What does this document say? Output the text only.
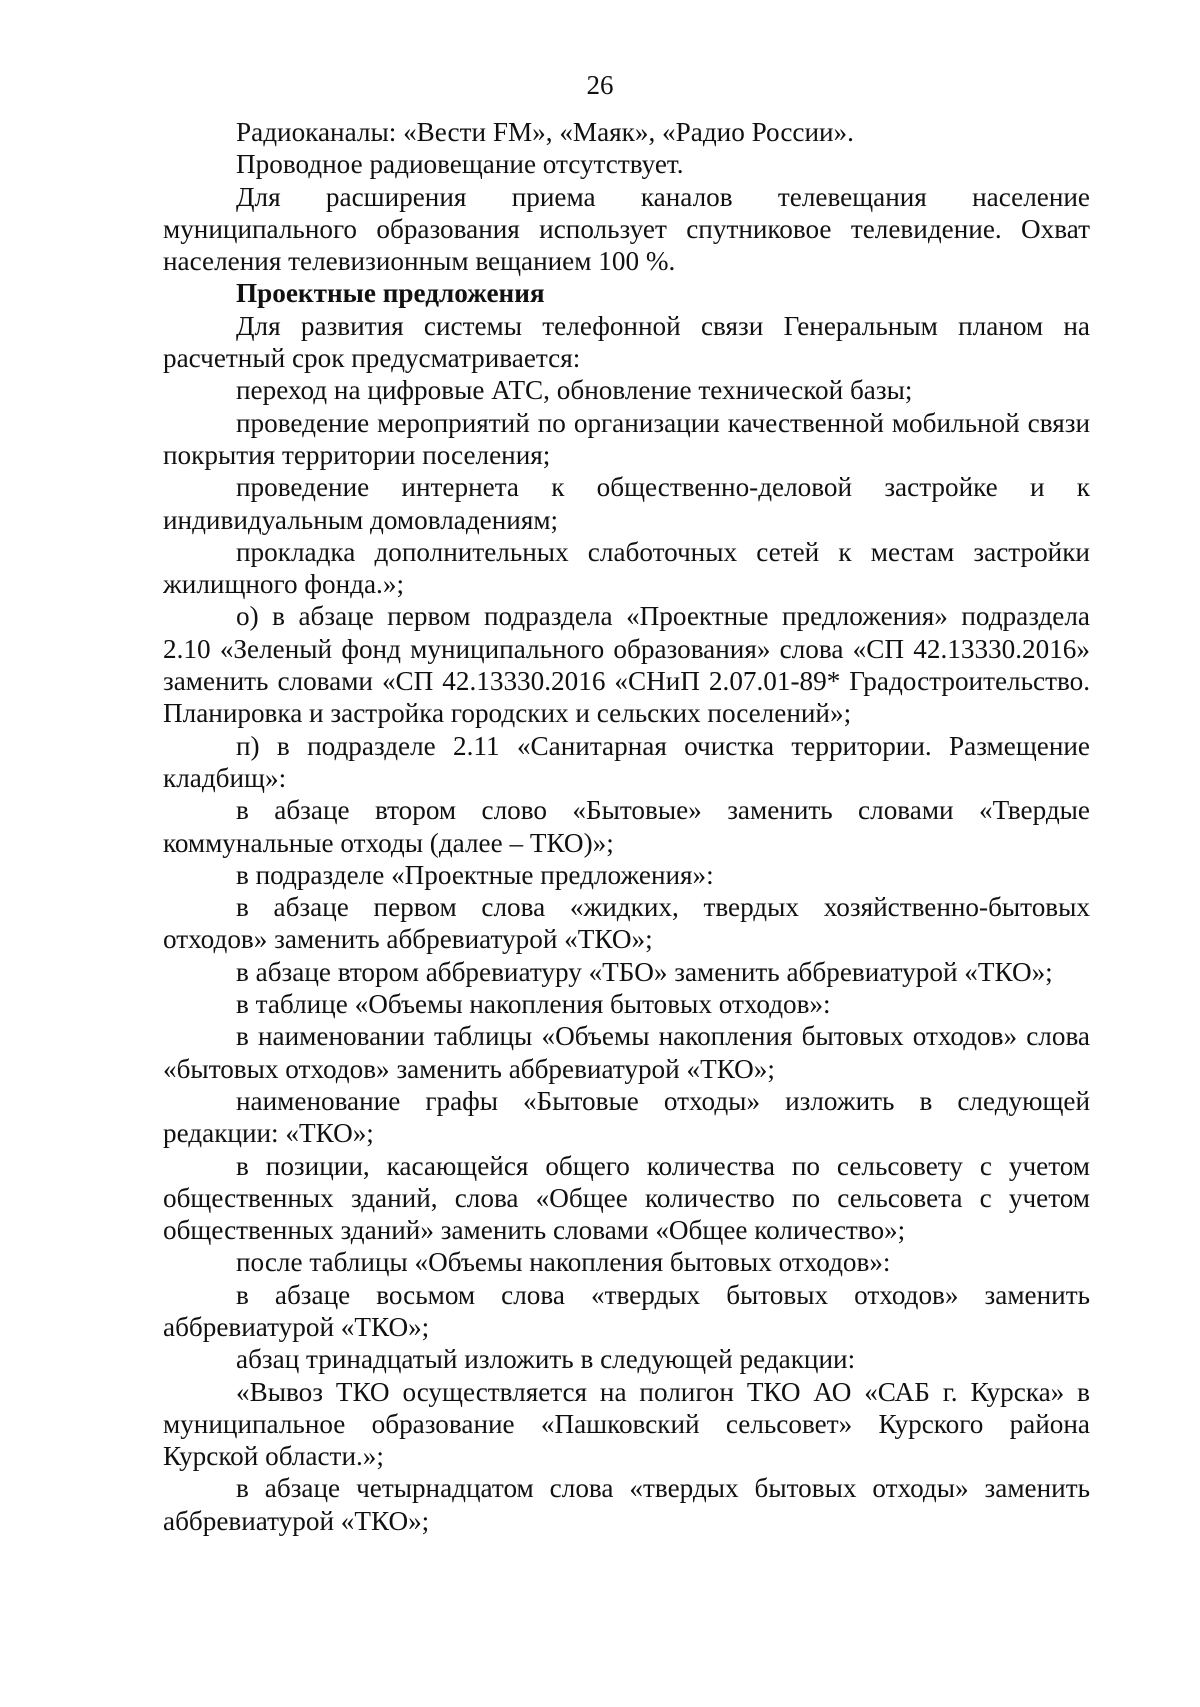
26

Радиоканалы: «Вести FM», «Маяк», «Радио России».

Проводное радиовещание отсутствует.

Для расширения приема каналов телевещания население муниципального образования использует спутниковое телевидение. Охват населения телевизионным вещанием 100 %.

Проектные предложения

Для развития системы телефонной связи Генеральным планом на расчетный срок предусматривается:

переход на цифровые АТС, обновление технической базы;

проведение мероприятий по организации качественной мобильной связи покрытия территории поселения;

проведение интернета к общественно-деловой застройке и к индивидуальным домовладениям;

прокладка дополнительных слаботочных сетей к местам застройки жилищного фонда.»;

о) в абзаце первом подраздела «Проектные предложения» подраздела 2.10 «Зеленый фонд муниципального образования» слова «СП 42.13330.2016» заменить словами «СП 42.13330.2016 «СНиП 2.07.01-89* Градостроительство. Планировка и застройка городских и сельских поселений»;

п) в подразделе 2.11 «Санитарная очистка территории. Размещение кладбищ»:

в абзаце втором слово «Бытовые» заменить словами «Твердые коммунальные отходы (далее – ТКО)»;

в подразделе «Проектные предложения»:

в абзаце первом слова «жидких, твердых хозяйственно-бытовых отходов» заменить аббревиатурой «ТКО»;

в абзаце втором аббревиатуру «ТБО» заменить аббревиатурой «ТКО»;

в таблице «Объемы накопления бытовых отходов»:

в наименовании таблицы «Объемы накопления бытовых отходов» слова «бытовых отходов» заменить аббревиатурой «ТКО»;

наименование графы «Бытовые отходы» изложить в следующей редакции: «ТКО»;

в позиции, касающейся общего количества по сельсовету с учетом общественных зданий, слова «Общее количество по сельсовета с учетом общественных зданий» заменить словами «Общее количество»;

после таблицы «Объемы накопления бытовых отходов»:

в абзаце восьмом слова «твердых бытовых отходов» заменить аббревиатурой «ТКО»;

абзац тринадцатый изложить в следующей редакции:

«Вывоз ТКО осуществляется на полигон ТКО АО «САБ г. Курска» в муниципальное образование «Пашковский сельсовет» Курского района Курской области.»;

в абзаце четырнадцатом слова «твердых бытовых отходы» заменить аббревиатурой «ТКО»;
